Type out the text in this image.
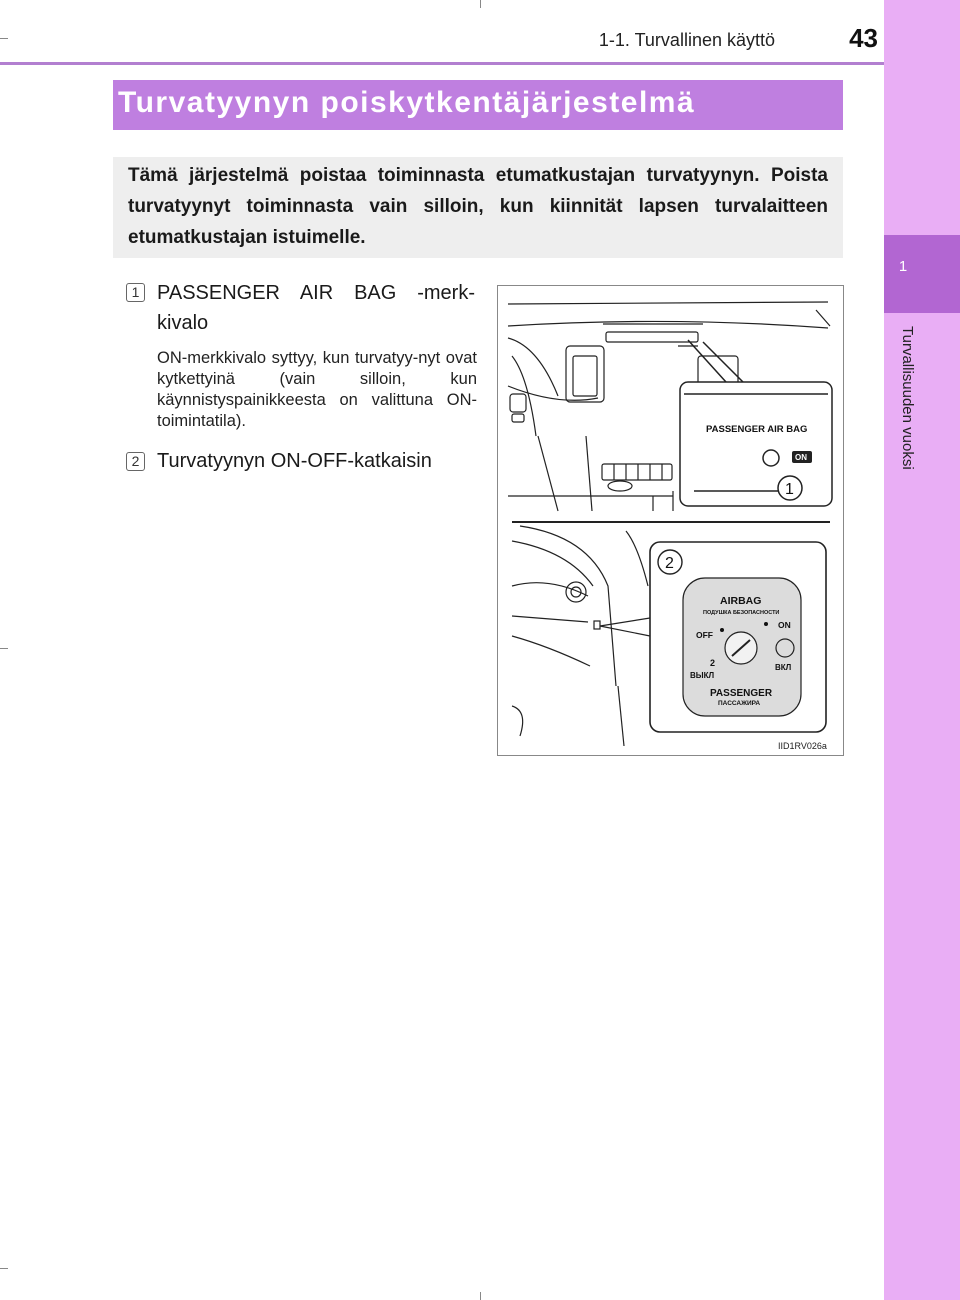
1-1. Turvallinen käyttö	43
1
Turvallisuuden vuoksi
Turvatyynyn poiskytkentäjärjestelmä
Tämä järjestelmä poistaa toiminnasta etumatkustajan turvatyynyn. Poista turvatyynyt toiminnasta vain silloin, kun kiinnität lapsen turvalaitteen etumatkustajan istuimelle.
1 PASSENGER AIR BAG -merk-kivalo
ON-merkkivalo syttyy, kun turvatyy-nyt ovat kytkettyinä (vain silloin, kun käynnistyspainikkeesta on valittuna ON-toimintatila).
2 Turvatyynyn ON-OFF-katkaisin
PASSENGER AIR BAG
ON
1
2
AIRBAG
ПОДУШКА БЕЗОПАСНОСТИ
OFF
ON
ВЫКЛ
ВКЛ
2
PASSENGER
ПАССАЖИРА
IID1RV026a
